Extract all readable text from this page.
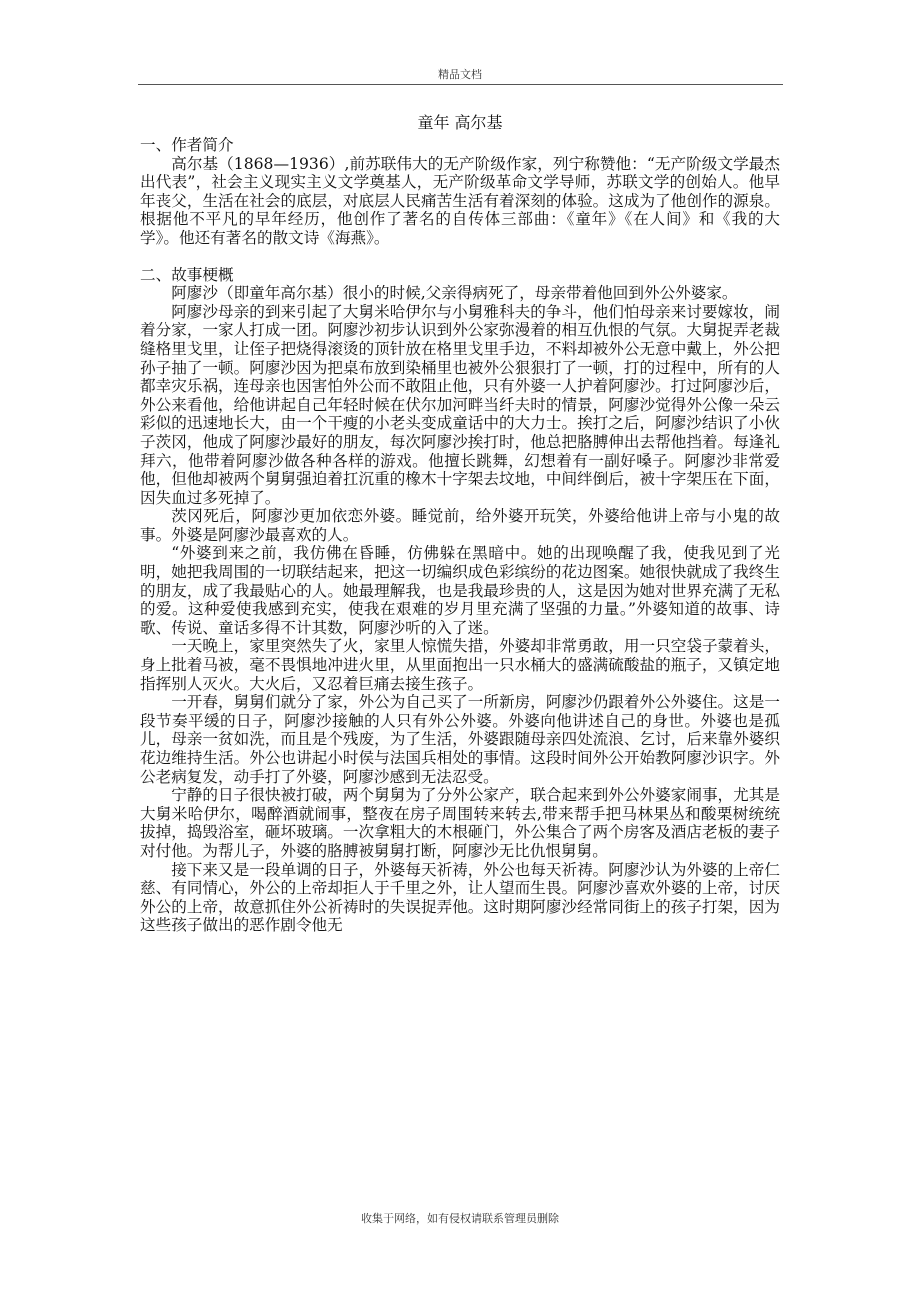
精品文档
童年 高尔基

一、作者简介

高尔基（1868—1936）,前苏联伟大的无产阶级作家，列宁称赞他：“无产阶级文学最杰出代表”，社会主义现实主义文学奠基人，无产阶级革命文学导师，苏联文学的创始人。他早年丧父，生活在社会的底层，对底层人民痛苦生活有着深刻的体验。这成为了他创作的源泉。根据他不平凡的早年经历，他创作了著名的自传体三部曲：《童年》《在人间》和《我的大学》。他还有著名的散文诗《海燕》。

二、故事梗概

阿廖沙（即童年高尔基）很小的时候,父亲得病死了，母亲带着他回到外公外婆家。

阿廖沙母亲的到来引起了大舅米哈伊尔与小舅雅科夫的争斗，他们怕母亲来讨要嫁妆，闹着分家，一家人打成一团。阿廖沙初步认识到外公家弥漫着的相互仇恨的气氛。大舅捉弄老裁缝格里戈里，让侄子把烧得滚烫的顶针放在格里戈里手边，不料却被外公无意中戴上，外公把孙子抽了一顿。阿廖沙因为把桌布放到染桶里也被外公狠狠打了一顿，打的过程中，所有的人都幸灾乐祸，连母亲也因害怕外公而不敢阻止他，只有外婆一人护着阿廖沙。打过阿廖沙后，外公来看他，给他讲起自己年轻时候在伏尔加河畔当纤夫时的情景，阿廖沙觉得外公像一朵云彩似的迅速地长大，由一个干瘦的小老头变成童话中的大力士。挨打之后，阿廖沙结识了小伙子茨冈，他成了阿廖沙最好的朋友，每次阿廖沙挨打时，他总把胳膊伸出去帮他挡着。每逢礼拜六，他带着阿廖沙做各种各样的游戏。他擅长跳舞，幻想着有一副好嗓子。阿廖沙非常爱他，但他却被两个舅舅强迫着扛沉重的橡木十字架去坟地，中间绊倒后，被十字架压在下面，因失血过多死掉了。

茨冈死后，阿廖沙更加依恋外婆。睡觉前，给外婆开玩笑，外婆给他讲上帝与小鬼的故事。外婆是阿廖沙最喜欢的人。

“外婆到来之前，我仿佛在昏睡，仿佛躲在黑暗中。她的出现唤醒了我，使我见到了光明，她把我周围的一切联结起来，把这一切编织成色彩缤纷的花边图案。她很快就成了我终生的朋友，成了我最贴心的人。她最理解我，也是我最珍贵的人，这是因为她对世界充满了无私的爱。这种爱使我感到充实，使我在艰难的岁月里充满了坚强的力量。”外婆知道的故事、诗歌、传说、童话多得不计其数，阿廖沙听的入了迷。

一天晚上，家里突然失了火，家里人惊慌失措，外婆却非常勇敢，用一只空袋子蒙着头，身上批着马被，毫不畏惧地冲进火里，从里面抱出一只水桶大的盛满硫酸盐的瓶子，又镇定地指挥别人灭火。大火后，又忍着巨痛去接生孩子。

一开春，舅舅们就分了家，外公为自己买了一所新房，阿廖沙仍跟着外公外婆住。这是一段节奏平缓的日子，阿廖沙接触的人只有外公外婆。外婆向他讲述自己的身世。外婆也是孤儿，母亲一贫如洗，而且是个残废，为了生活，外婆跟随母亲四处流浪、乞讨，后来靠外婆织花边维持生活。外公也讲起小时侯与法国兵相处的事情。这段时间外公开始教阿廖沙识字。外公老病复发，动手打了外婆，阿廖沙感到无法忍受。

宁静的日子很快被打破，两个舅舅为了分外公家产，联合起来到外公外婆家闹事，尤其是大舅米哈伊尔，喝醉酒就闹事，整夜在房子周围转来转去,带来帮手把马林果丛和酸栗树统统拔掉，捣毁浴室，砸坏玻璃。一次拿粗大的木根砸门，外公集合了两个房客及酒店老板的妻子对付他。为帮儿子，外婆的胳膊被舅舅打断，阿廖沙无比仇恨舅舅。

接下来又是一段单调的日子，外婆每天祈祷，外公也每天祈祷。阿廖沙认为外婆的上帝仁慈、有同情心，外公的上帝却拒人于千里之外，让人望而生畏。阿廖沙喜欢外婆的上帝，讨厌外公的上帝，故意抓住外公祈祷时的失误捉弄他。这时期阿廖沙经常同街上的孩子打架，因为这些孩子做出的恶作剧令他无

收集于网络，如有侵权请联系管理员删除
